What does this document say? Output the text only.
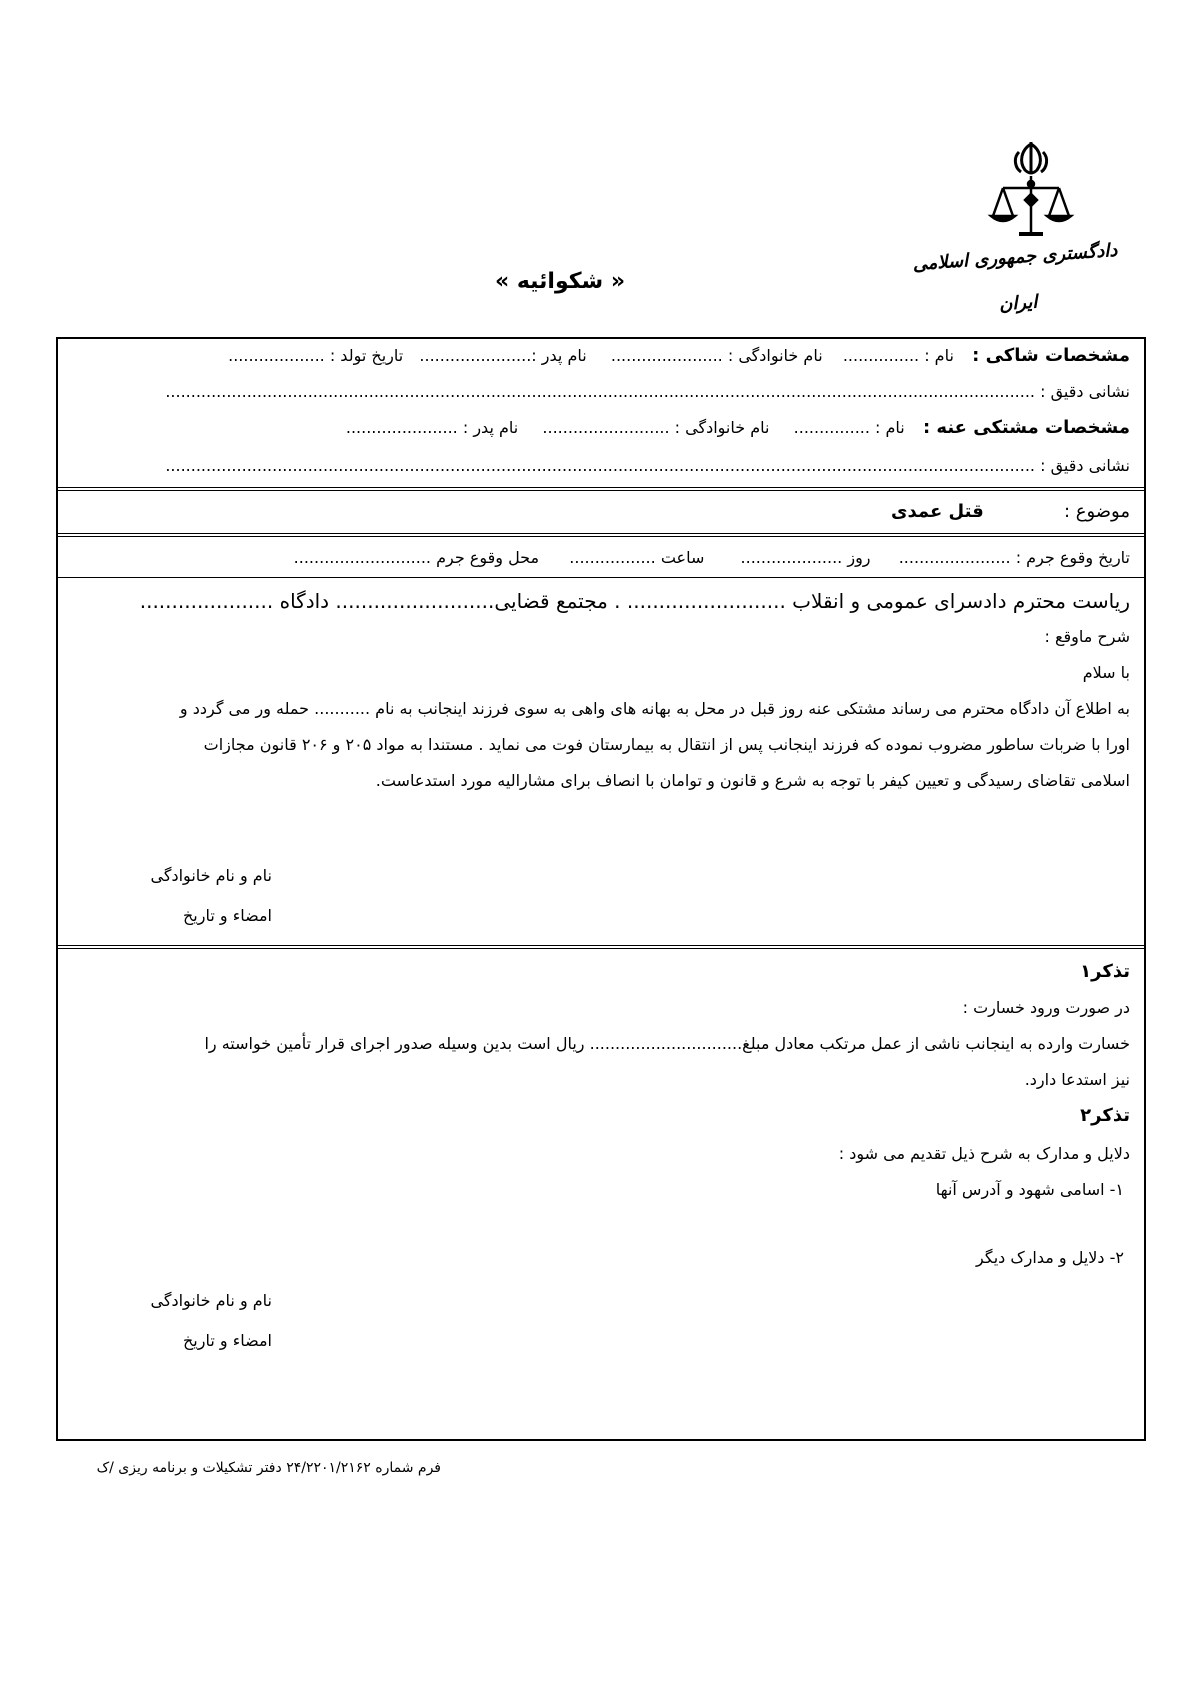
دادگستری جمهوری اسلامی ایران
« شکوائیه »
مشخصات شاکی :  نام : ...............  نام خانوادگی : ......................  نام پدر :......................  تاریخ تولد : ...................
نشانی دقیق : ...........................................................................................................................................................................
مشخصات مشتکی عنه :  نام : ...............  نام خانوادگی : .........................  نام پدر : ......................
نشانی دقیق : ...........................................................................................................................................................................
موضوع :  قتل عمدی
تاریخ وقوع جرم : ......................  روز ....................  ساعت .................  محل وقوع جرم ...........................
ریاست محترم دادسرای عمومی و انقلاب ......................... . مجتمع قضایی......................... دادگاه .....................
شرح ماوقع :
با سلام
به اطلاع آن دادگاه محترم می رساند مشتکی عنه روز قبل در محل به بهانه های واهی به سوی فرزند اینجانب به نام ........... حمله ور می گردد و
اورا با ضربات ساطور مضروب نموده که فرزند اینجانب پس از انتقال به بیمارستان فوت می نماید . مستندا به مواد ۲۰۵ و ۲۰۶ قانون مجازات
اسلامی تقاضای رسیدگی و تعیین کیفر با توجه به شرع و قانون و توامان با انصاف برای مشارالیه مورد استدعاست.
نام و نام خانوادگی
امضاء و تاریخ
تذکر۱
در صورت ورود خسارت :
خسارت وارده به اینجانب ناشی از عمل مرتکب معادل مبلغ.............................. ریال است بدین وسیله صدور اجرای قرار تأمین خواسته را
نیز استدعا دارد.
تذکر۲
دلایل و مدارک به شرح ذیل تقدیم می شود :
۱- اسامی شهود و آدرس آنها
۲- دلایل و مدارک دیگر
نام و نام خانوادگی
امضاء و تاریخ
فرم شماره ۲۴/۲۲۰۱/۲۱۶۲ دفتر تشکیلات و برنامه ریزی /ک
